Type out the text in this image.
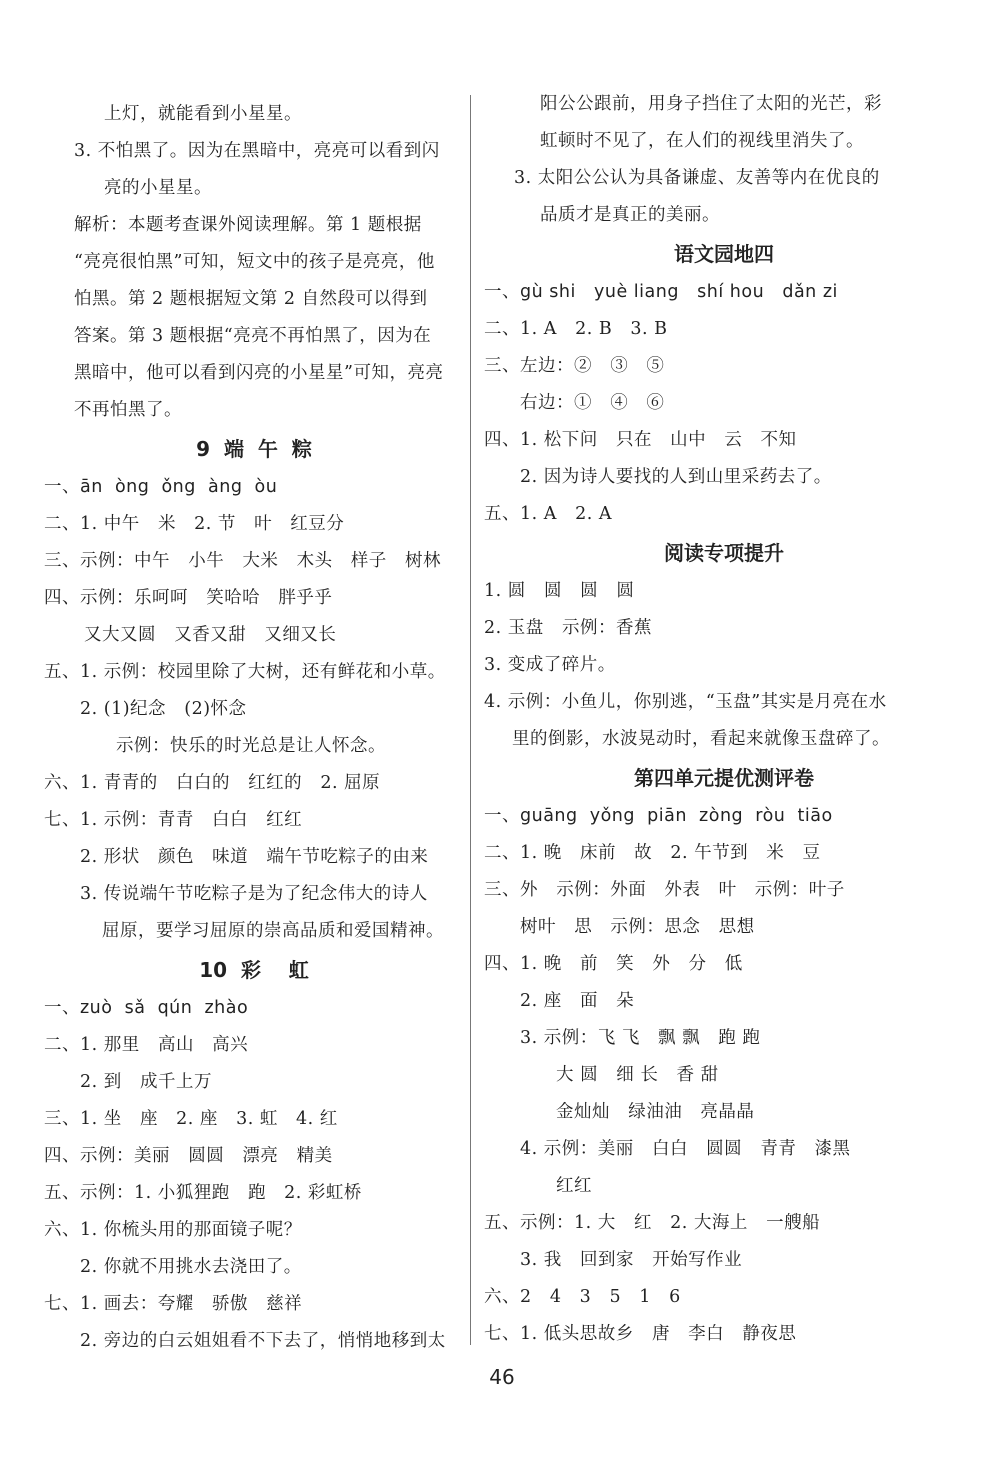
上灯，就能看到小星星。
3. 不怕黑了。因为在黑暗中，亮亮可以看到闪
亮的小星星。
解析：本题考查课外阅读理解。第 1 题根据
“亮亮很怕黑”可知，短文中的孩子是亮亮，他
怕黑。第 2 题根据短文第 2 自然段可以得到
答案。第 3 题根据“亮亮不再怕黑了，因为在
黑暗中，他可以看到闪亮的小星星”可知，亮亮
不再怕黑了。
9  端  午  粽
一、ān  òng  ǒng  àng  òu
二、1. 中午   米   2. 节   叶   红豆分
三、示例：中午   小牛   大米   木头   样子   树林
四、示例：乐呵呵   笑哈哈   胖乎乎
又大又圆   又香又甜   又细又长
五、1. 示例：校园里除了大树，还有鲜花和小草。
2. (1)纪念   (2)怀念
示例：快乐的时光总是让人怀念。
六、1. 青青的   白白的   红红的   2. 屈原
七、1. 示例：青青   白白   红红
2. 形状   颜色   味道   端午节吃粽子的由来
3. 传说端午节吃粽子是为了纪念伟大的诗人
屈原，要学习屈原的崇高品质和爱国精神。
10  彩    虹
一、zuò  sǎ  qún  zhào
二、1. 那里   高山   高兴
2. 到   成千上万
三、1. 坐   座   2. 座   3. 虹   4. 红
四、示例：美丽   圆圆   漂亮   精美
五、示例：1. 小狐狸跑   跑   2. 彩虹桥
六、1. 你梳头用的那面镜子呢？
2. 你就不用挑水去浇田了。
七、1. 画去：夸耀   骄傲   慈祥
2. 旁边的白云姐姐看不下去了，悄悄地移到太
阳公公跟前，用身子挡住了太阳的光芒，彩
虹顿时不见了，在人们的视线里消失了。
3. 太阳公公认为具备谦虚、友善等内在优良的
品质才是真正的美丽。
语文园地四
一、gù shi   yuè liang   shí hou   dǎn zi
二、1. A   2. B   3. B
三、左边：②   ③   ⑤
右边：①   ④   ⑥
四、1. 松下问   只在   山中   云   不知
2. 因为诗人要找的人到山里采药去了。
五、1. A   2. A
阅读专项提升
1. 圆   圆   圆   圆
2. 玉盘   示例：香蕉
3. 变成了碎片。
4. 示例：小鱼儿，你别逃，“玉盘”其实是月亮在水
里的倒影，水波晃动时，看起来就像玉盘碎了。
第四单元提优测评卷
一、guāng  yǒng  piān  zòng  ròu  tiāo
二、1. 晚   床前   故   2. 午节到   米   豆
三、外   示例：外面   外表   叶   示例：叶子
树叶   思   示例：思念   思想
四、1. 晚   前   笑   外   分   低
2. 座   面   朵
3. 示例：飞 飞   飘 飘   跑 跑
大 圆   细 长   香 甜
金灿灿   绿油油   亮晶晶
4. 示例：美丽   白白   圆圆   青青   漆黑
红红
五、示例：1. 大   红   2. 大海上   一艘船
3. 我   回到家   开始写作业
六、2   4   3   5   1   6
七、1. 低头思故乡   唐   李白   静夜思
46
